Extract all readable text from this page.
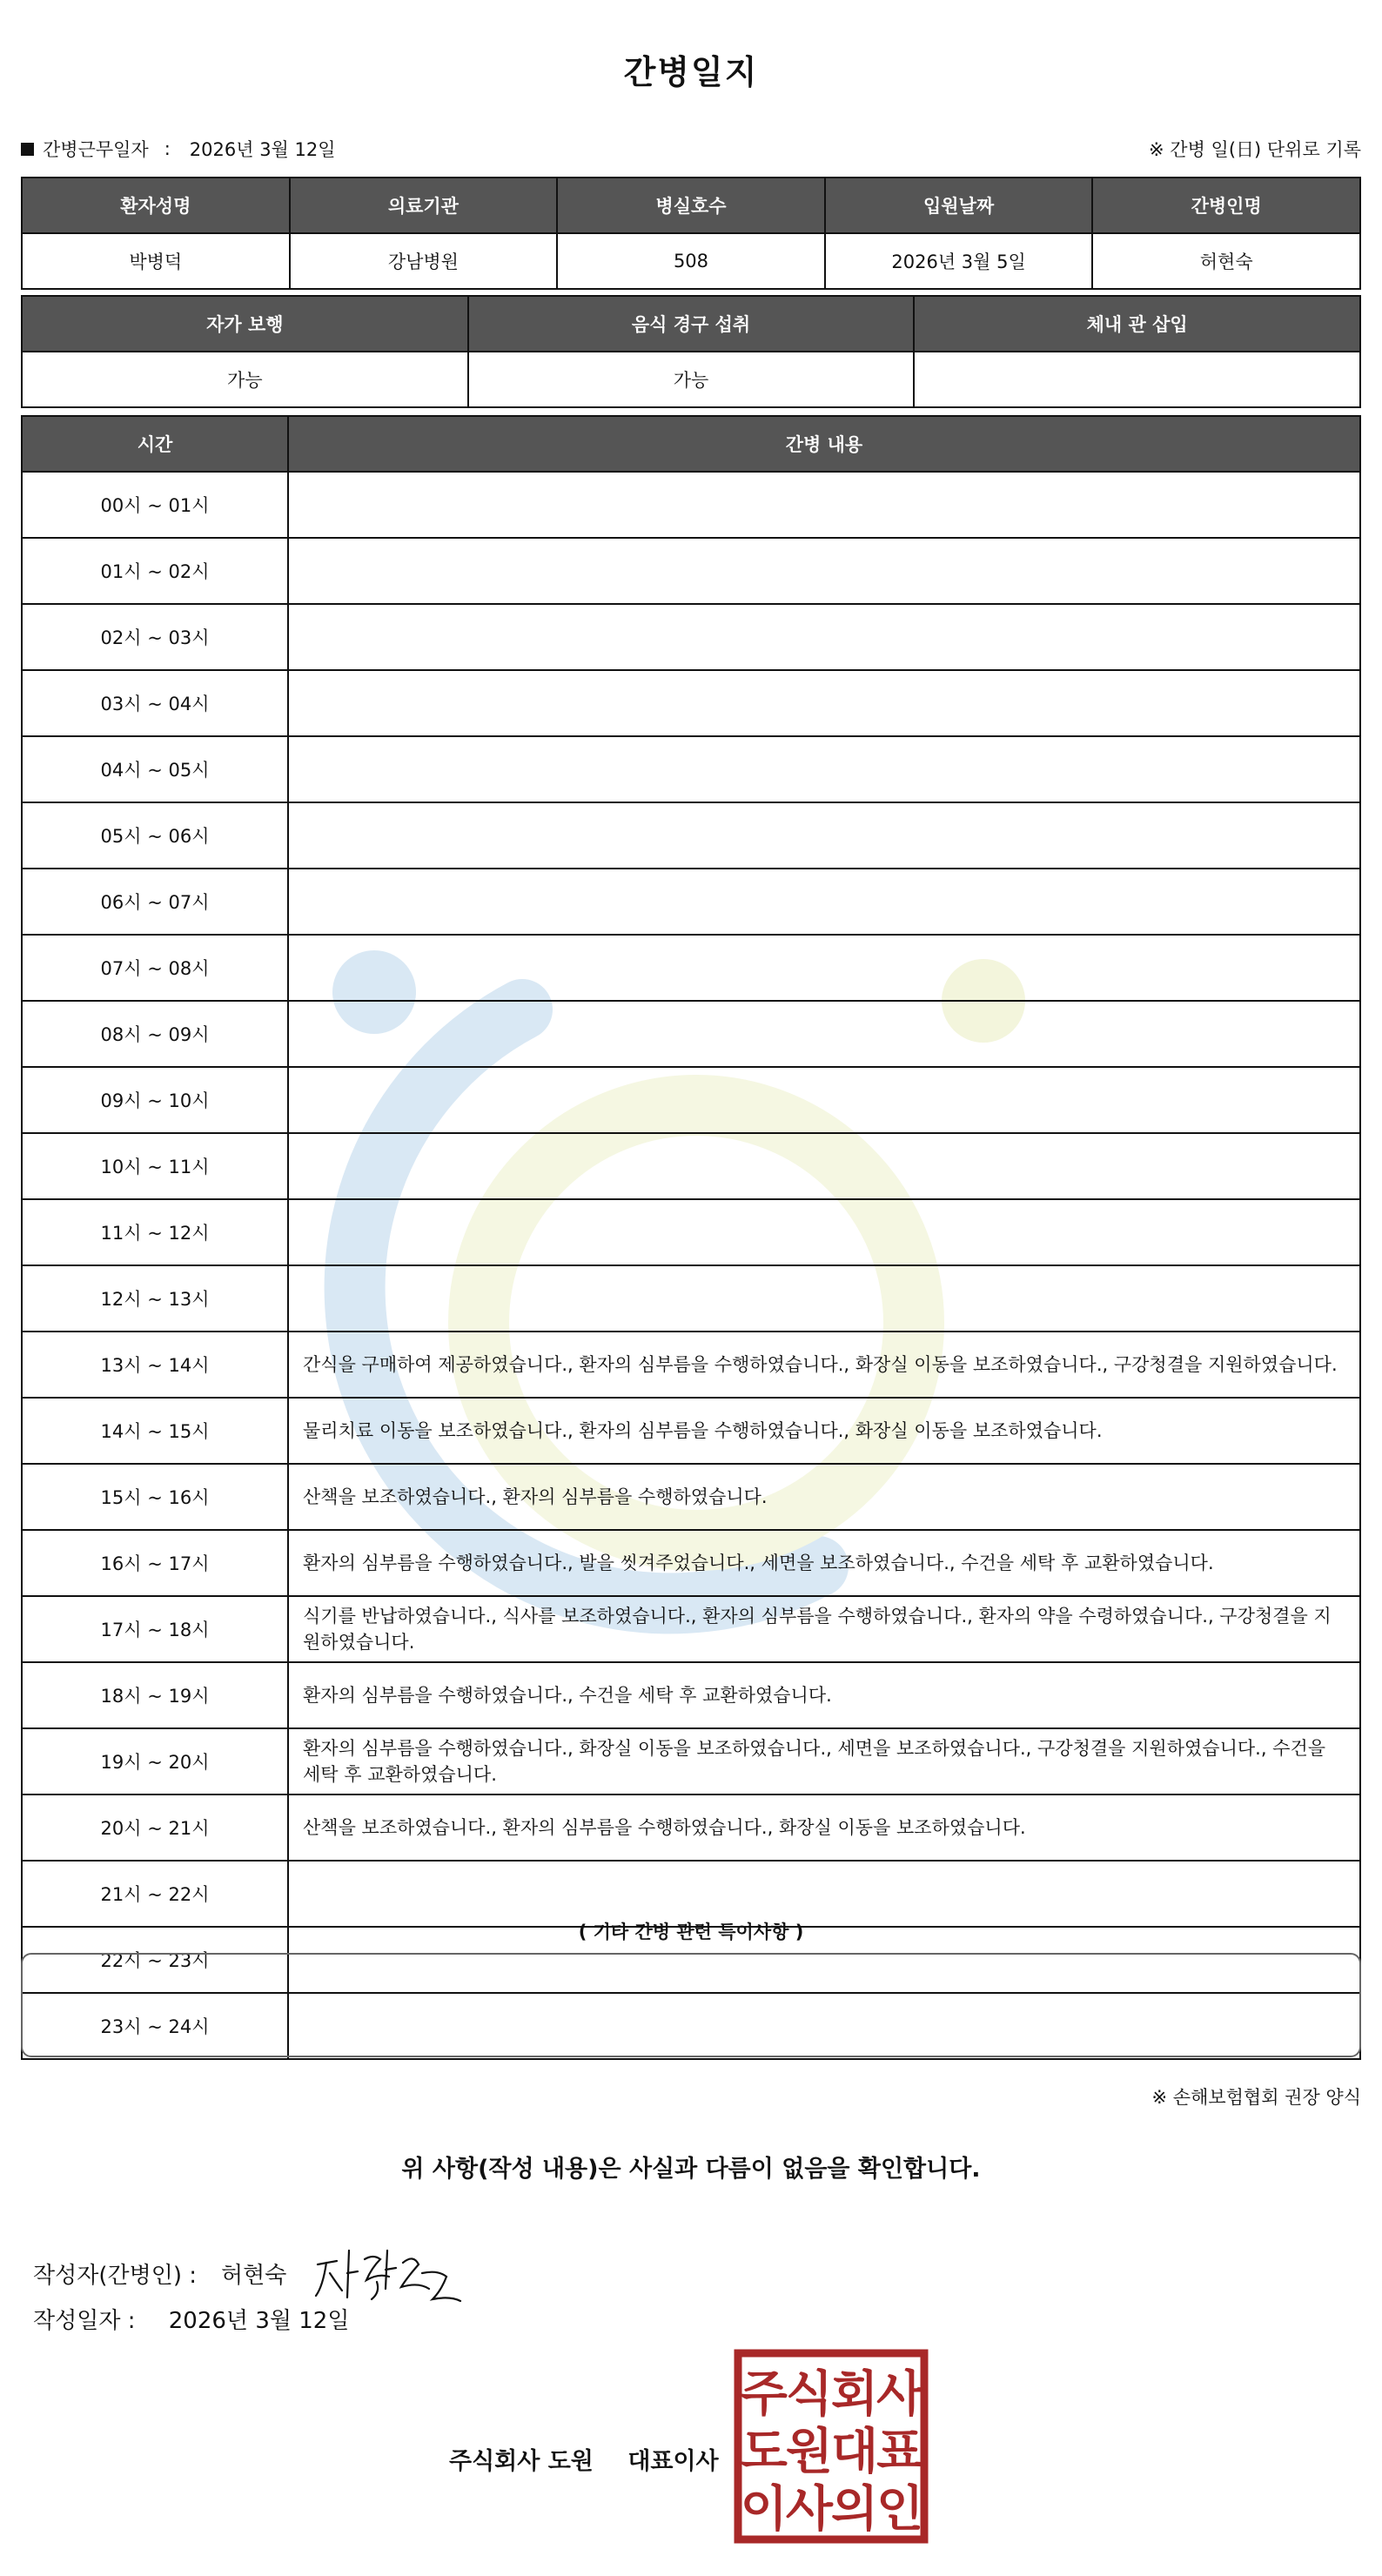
간병일지
간병근무일자 : 2026년 3월 12일	※ 간병 일(日) 단위로 기록
환자성명	의료기관	병실호수	입원날짜	간병인명
박병덕	강남병원	508	2026년 3월 5일	허현숙
자가 보행	음식 경구 섭취	체내 관 삽입
가능	가능	
시간	간병 내용
00시 ~ 01시	
01시 ~ 02시	
02시 ~ 03시	
03시 ~ 04시	
04시 ~ 05시	
05시 ~ 06시	
06시 ~ 07시	
07시 ~ 08시	
08시 ~ 09시	
09시 ~ 10시	
10시 ~ 11시	
11시 ~ 12시	
12시 ~ 13시	
13시 ~ 14시	간식을 구매하여 제공하였습니다., 환자의 심부름을 수행하였습니다., 화장실 이동을 보조하였습니다., 구강청결을 지원하였습니다.
14시 ~ 15시	물리치료 이동을 보조하였습니다., 환자의 심부름을 수행하였습니다., 화장실 이동을 보조하였습니다.
15시 ~ 16시	산책을 보조하였습니다., 환자의 심부름을 수행하였습니다.
16시 ~ 17시	환자의 심부름을 수행하였습니다., 발을 씻겨주었습니다., 세면을 보조하였습니다., 수건을 세탁 후 교환하였습니다.
17시 ~ 18시	식기를 반납하였습니다., 식사를 보조하였습니다., 환자의 심부름을 수행하였습니다., 환자의 약을 수령하였습니다., 구강청결을 지원하였습니다.
18시 ~ 19시	환자의 심부름을 수행하였습니다., 수건을 세탁 후 교환하였습니다.
19시 ~ 20시	환자의 심부름을 수행하였습니다., 화장실 이동을 보조하였습니다., 세면을 보조하였습니다., 구강청결을 지원하였습니다., 수건을 세탁 후 교환하였습니다.
20시 ~ 21시	산책을 보조하였습니다., 환자의 심부름을 수행하였습니다., 화장실 이동을 보조하였습니다.
21시 ~ 22시	
22시 ~ 23시	
23시 ~ 24시	
( 기타 간병 관련 특이사항 )
※ 손해보험협회 권장 양식
위 사항(작성 내용)은 사실과 다름이 없음을 확인합니다.
작성자(간병인) : 허현숙
작성일자 : 2026년 3월 12일
주식회사 도원 대표이사
주식회사
도원대표
이사의인
